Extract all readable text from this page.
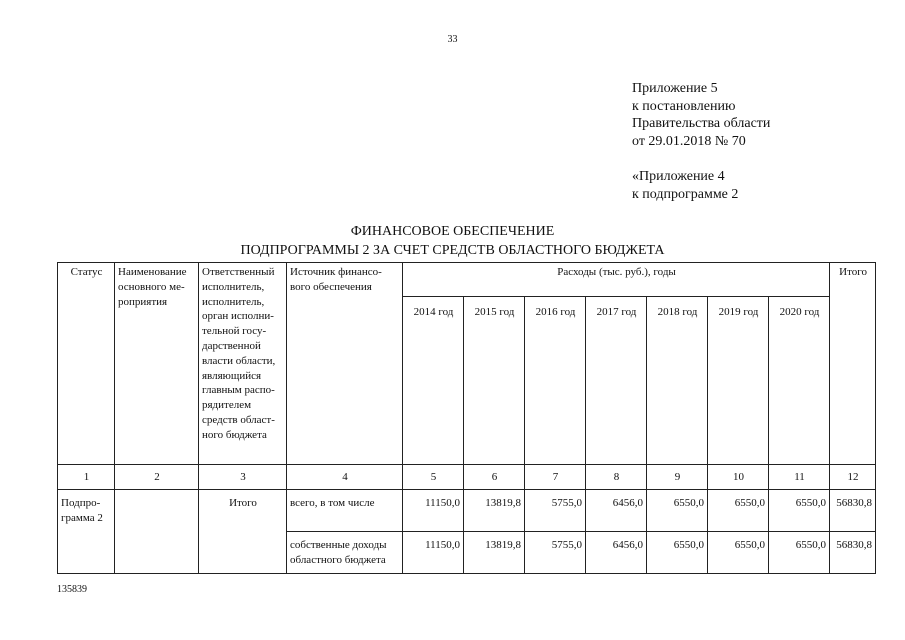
33
Приложение 5
к постановлению
Правительства области
от 29.01.2018 № 70
«Приложение 4
к подпрограмме 2
ФИНАНСОВОЕ ОБЕСПЕЧЕНИЕ
ПОДПРОГРАММЫ 2 ЗА СЧЕТ СРЕДСТВ ОБЛАСТНОГО БЮДЖЕТА
Статус	Наименование основного ме-роприятия	Ответственный исполнитель, исполнитель, орган исполни-тельной госу-дарственной власти области, являющийся главным распо-рядителем средств област-ного бюджета	Источник финансо-вого обеспечения	Расходы (тыс. руб.), годы							Итого
				2014 год	2015 год	2016 год	2017 год	2018 год	2019 год	2020 год	
1	2	3	4	5	6	7	8	9	10	11	12
Подпро-грамма 2		Итого	всего, в том числе	11150,0	13819,8	5755,0	6456,0	6550,0	6550,0	6550,0	56830,8
			собственные доходы областного бюджета	11150,0	13819,8	5755,0	6456,0	6550,0	6550,0	6550,0	56830,8
135839
